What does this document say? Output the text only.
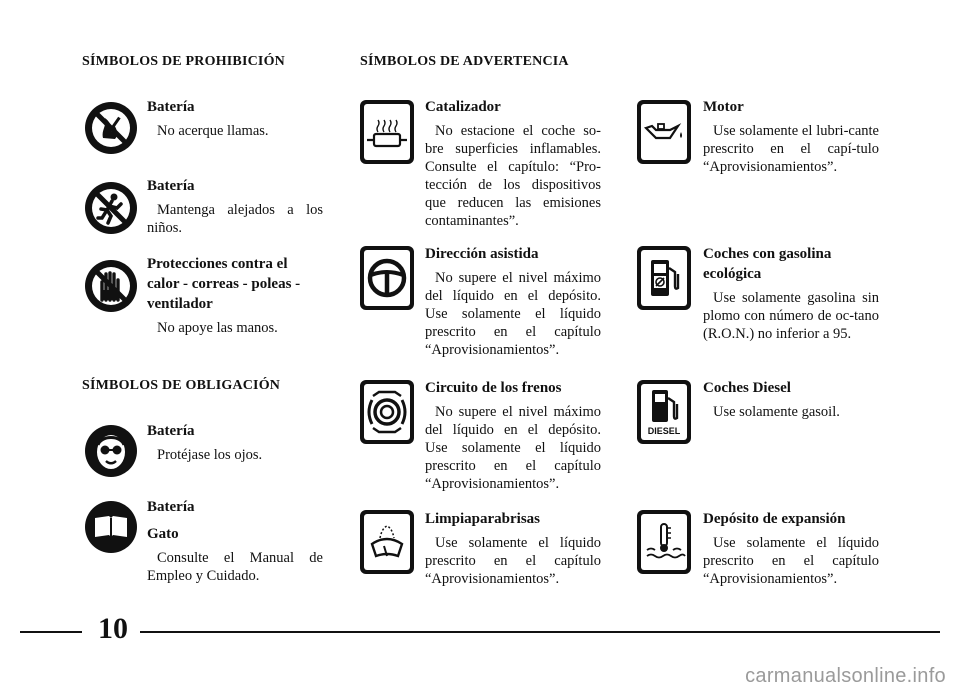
SÍMBOLOS DE PROHIBICIÓN	SÍMBOLOS DE ADVERTENCIA
SÍMBOLOS DE OBLIGACIÓN
Batería
No acerque llamas.
Batería
Mantenga alejados a los niños.
Protecciones contra el calor - correas - poleas - ventilador
No apoye las manos.
Batería
Protéjase los ojos.
Batería
Gato
Consulte el Manual de Empleo y Cuidado.
Catalizador
No estacione el coche so-bre superficies inflamables. Consulte el capítulo: “Pro-tección de los dispositivos que reducen las emisiones contaminantes”.
Dirección asistida
No supere el nivel máximo del líquido en el depósito. Use solamente el líquido prescrito en el capítulo “Aprovisionamientos”.
Circuito de los frenos
No supere el nivel máximo del líquido en el depósito. Use solamente el líquido prescrito en el capítulo “Aprovisionamientos”.
Limpiaparabrisas
Use solamente el líquido prescrito en el capítulo “Aprovisionamientos”.
Motor
Use solamente el lubri-cante prescrito en el capí-tulo “Aprovisionamientos”.
Coches con gasolina ecológica
Use solamente gasolina sin plomo con número de oc-tano (R.O.N.) no inferior a 95.
DIESEL
Coches Diesel
Use solamente gasoil.
Depósito de expansión
Use solamente el líquido prescrito en el capítulo “Aprovisionamientos”.
10
carmanualsonline.info
